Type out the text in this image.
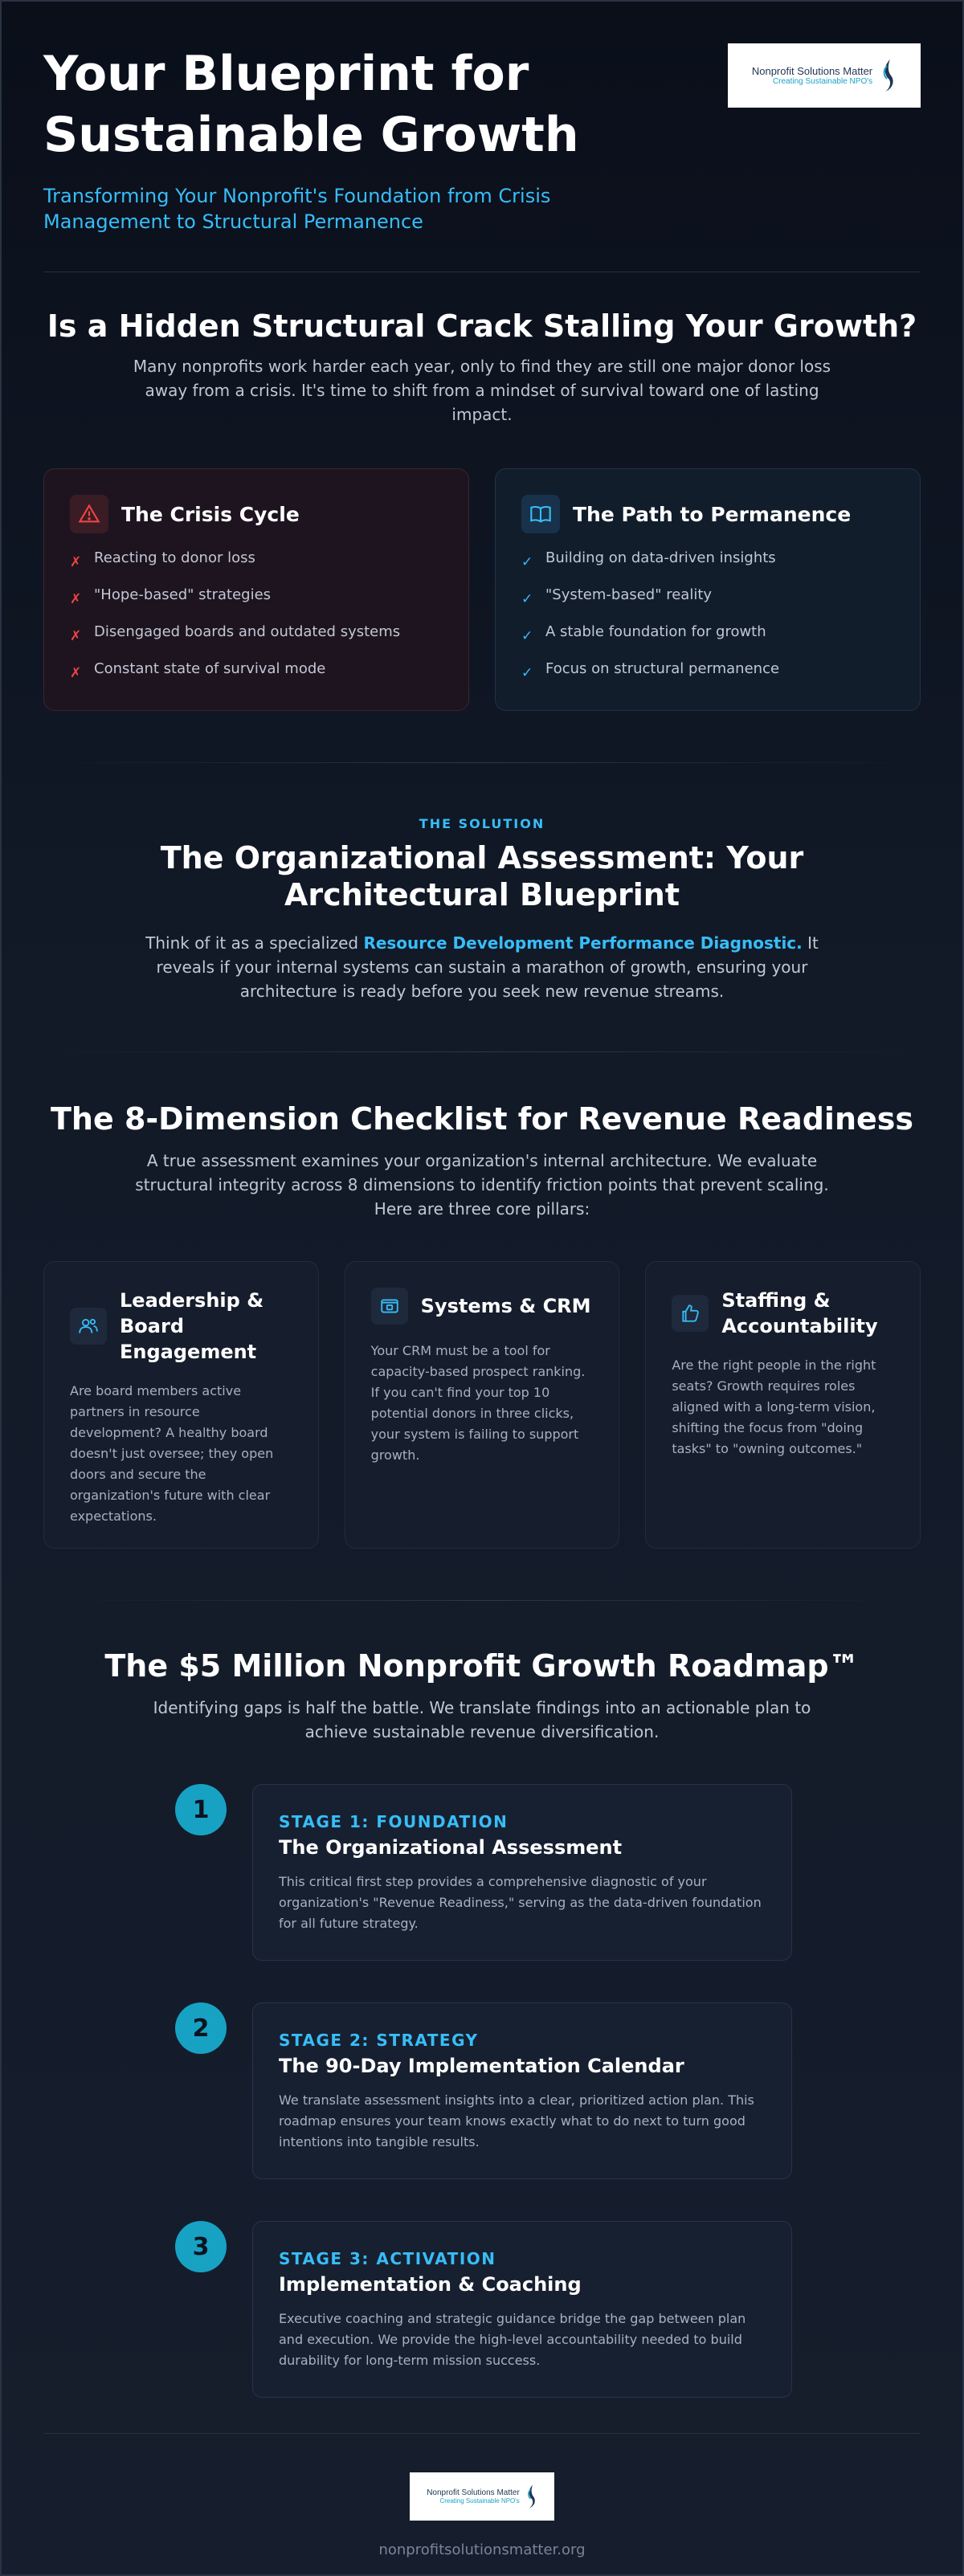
Your Blueprint for
Sustainable Growth
Transforming Your Nonprofit's Foundation from Crisis
Management to Structural Permanence
Nonprofit Solutions Matter
Creating Sustainable NPO's
Is a Hidden Structural Crack Stalling Your Growth?

Many nonprofits work harder each year, only to find they are still one major donor loss away from a crisis. It's time to shift from a mindset of survival toward one of lasting impact.

The Crisis Cycle
✗ Reacting to donor loss
✗ "Hope-based" strategies
✗ Disengaged boards and outdated systems
✗ Constant state of survival mode
The Path to Permanence
✓ Building on data-driven insights
✓ "System-based" reality
✓ A stable foundation for growth
✓ Focus on structural permanence
THE SOLUTION
The Organizational Assessment: Your Architectural Blueprint

Think of it as a specialized Resource Development Performance Diagnostic. It reveals if your internal systems can sustain a marathon of growth, ensuring your architecture is ready before you seek new revenue streams.

The 8-Dimension Checklist for Revenue Readiness

A true assessment examines your organization's internal architecture. We evaluate structural integrity across 8 dimensions to identify friction points that prevent scaling. Here are three core pillars:

Leadership & Board Engagement

Are board members active partners in resource development? A healthy board doesn't just oversee; they open doors and secure the organization's future with clear expectations.

Systems & CRM

Your CRM must be a tool for capacity-based prospect ranking. If you can't find your top 10 potential donors in three clicks, your system is failing to support growth.

Staffing & Accountability

Are the right people in the right seats? Growth requires roles aligned with a long-term vision, shifting the focus from "doing tasks" to "owning outcomes."

The $5 Million Nonprofit Growth Roadmap™

Identifying gaps is half the battle. We translate findings into an actionable plan to achieve sustainable revenue diversification.

1	STAGE 1: FOUNDATION
The Organizational Assessment

This critical first step provides a comprehensive diagnostic of your organization's "Revenue Readiness," serving as the data-driven foundation for all future strategy.

2	STAGE 2: STRATEGY
The 90-Day Implementation Calendar

We translate assessment insights into a clear, prioritized action plan. This roadmap ensures your team knows exactly what to do next to turn good intentions into tangible results.

3	STAGE 3: ACTIVATION
Implementation & Coaching

Executive coaching and strategic guidance bridge the gap between plan and execution. We provide the high-level accountability needed to build durability for long-term mission success.

Nonprofit Solutions Matter
Creating Sustainable NPO's
nonprofitsolutionsmatter.org
